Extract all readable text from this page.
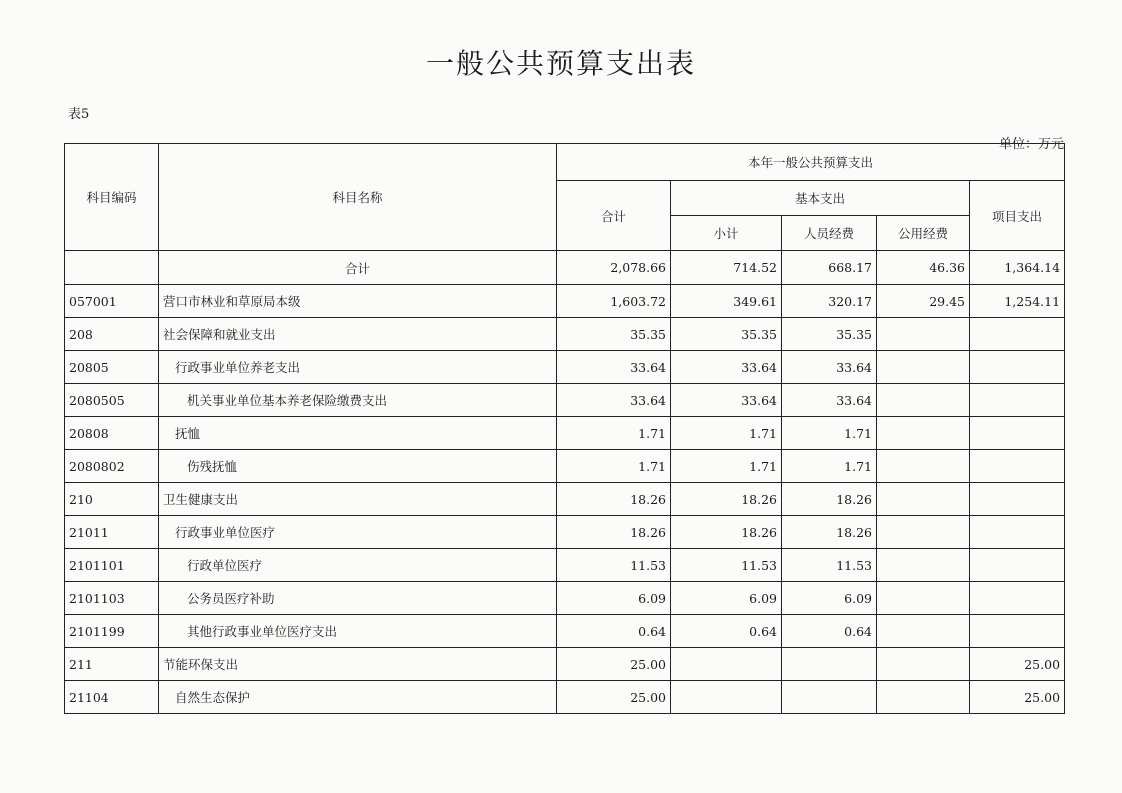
一般公共预算支出表
表5
单位：万元
科目编码	科目名称	本年一般公共预算支出				
		合计	基本支出			项目支出
			小计	人员经费	公用经费	
	合计	2,078.66	714.52	668.17	46.36	1,364.14
057001	营口市林业和草原局本级	1,603.72	349.61	320.17	29.45	1,254.11
208	社会保障和就业支出	35.35	35.35	35.35		
20805	行政事业单位养老支出	33.64	33.64	33.64		
2080505	机关事业单位基本养老保险缴费支出	33.64	33.64	33.64		
20808	抚恤	1.71	1.71	1.71		
2080802	伤残抚恤	1.71	1.71	1.71		
210	卫生健康支出	18.26	18.26	18.26		
21011	行政事业单位医疗	18.26	18.26	18.26		
2101101	行政单位医疗	11.53	11.53	11.53		
2101103	公务员医疗补助	6.09	6.09	6.09		
2101199	其他行政事业单位医疗支出	0.64	0.64	0.64		
211	节能环保支出	25.00				25.00
21104	自然生态保护	25.00				25.00
